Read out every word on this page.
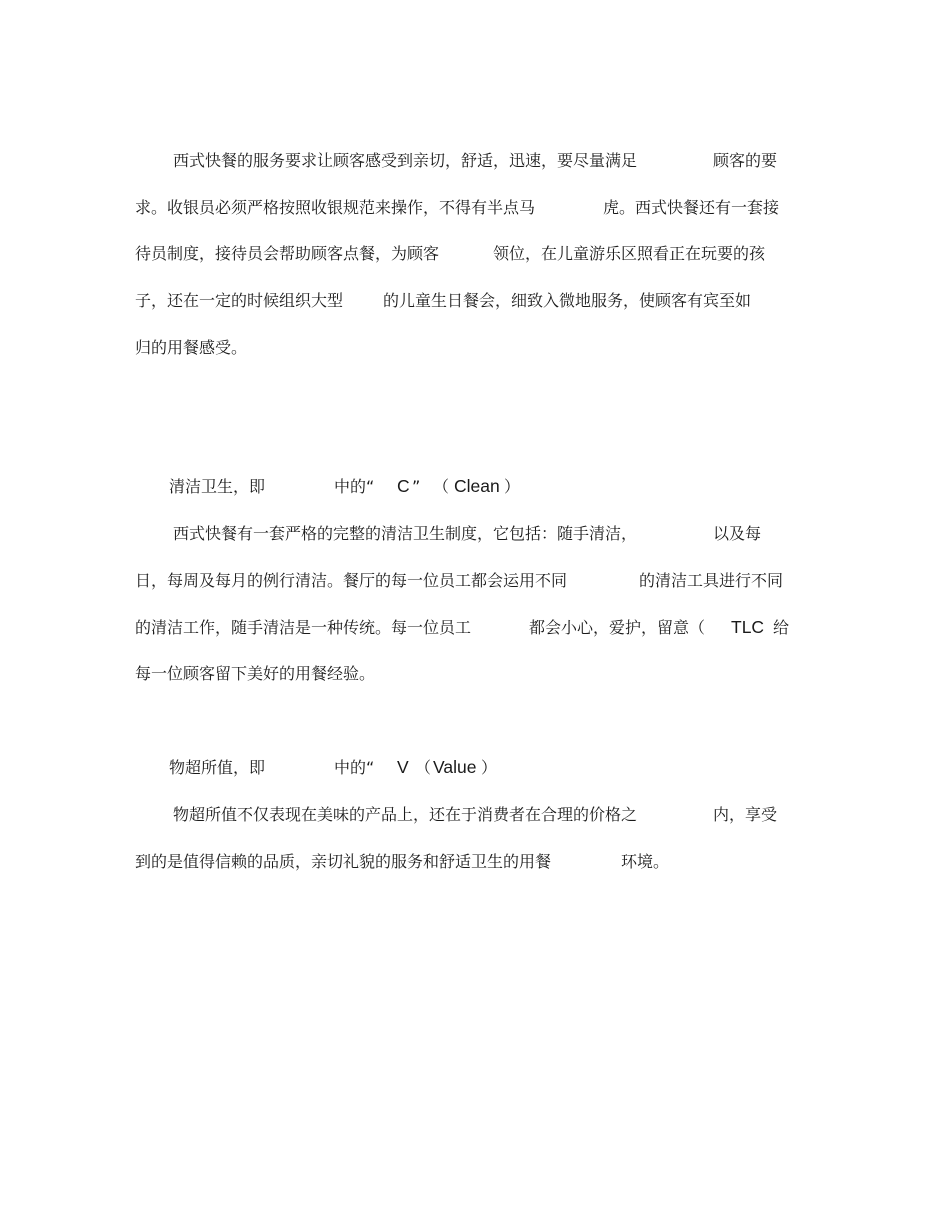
西式快餐的服务要求让顾客感受到亲切，舒适，迅速，要尽量满足	顾客的要
求。收银员必须严格按照收银规范来操作，不得有半点马	虎。西式快餐还有一套接
待员制度，接待员会帮助顾客点餐，为顾客	领位，在儿童游乐区照看正在玩要的孩
子，还在一定的时候组织大型 的儿童生日餐会，细致入微地服务，使顾客有宾至如
归的用餐感受。
清洁卫生，即	中的“ C ” （ Clean ）
西式快餐有一套严格的完整的清洁卫生制度，它包括：随手清洁，	以及每
日，每周及每月的例行清洁。餐厅的每一位员工都会运用不同	的清洁工具进行不同
的清洁工作，随手清洁是一种传统。每一位员工	都会小心，爱护，留意（ TLC 给
每一位顾客留下美好的用餐经验。
物超所值，即	中的“ V （ Value ）
物超所值不仅表现在美味的产品上，还在于消费者在合理的价格之	内，享受
到的是值得信赖的品质，亲切礼貌的服务和舒适卫生的用餐	环境。
